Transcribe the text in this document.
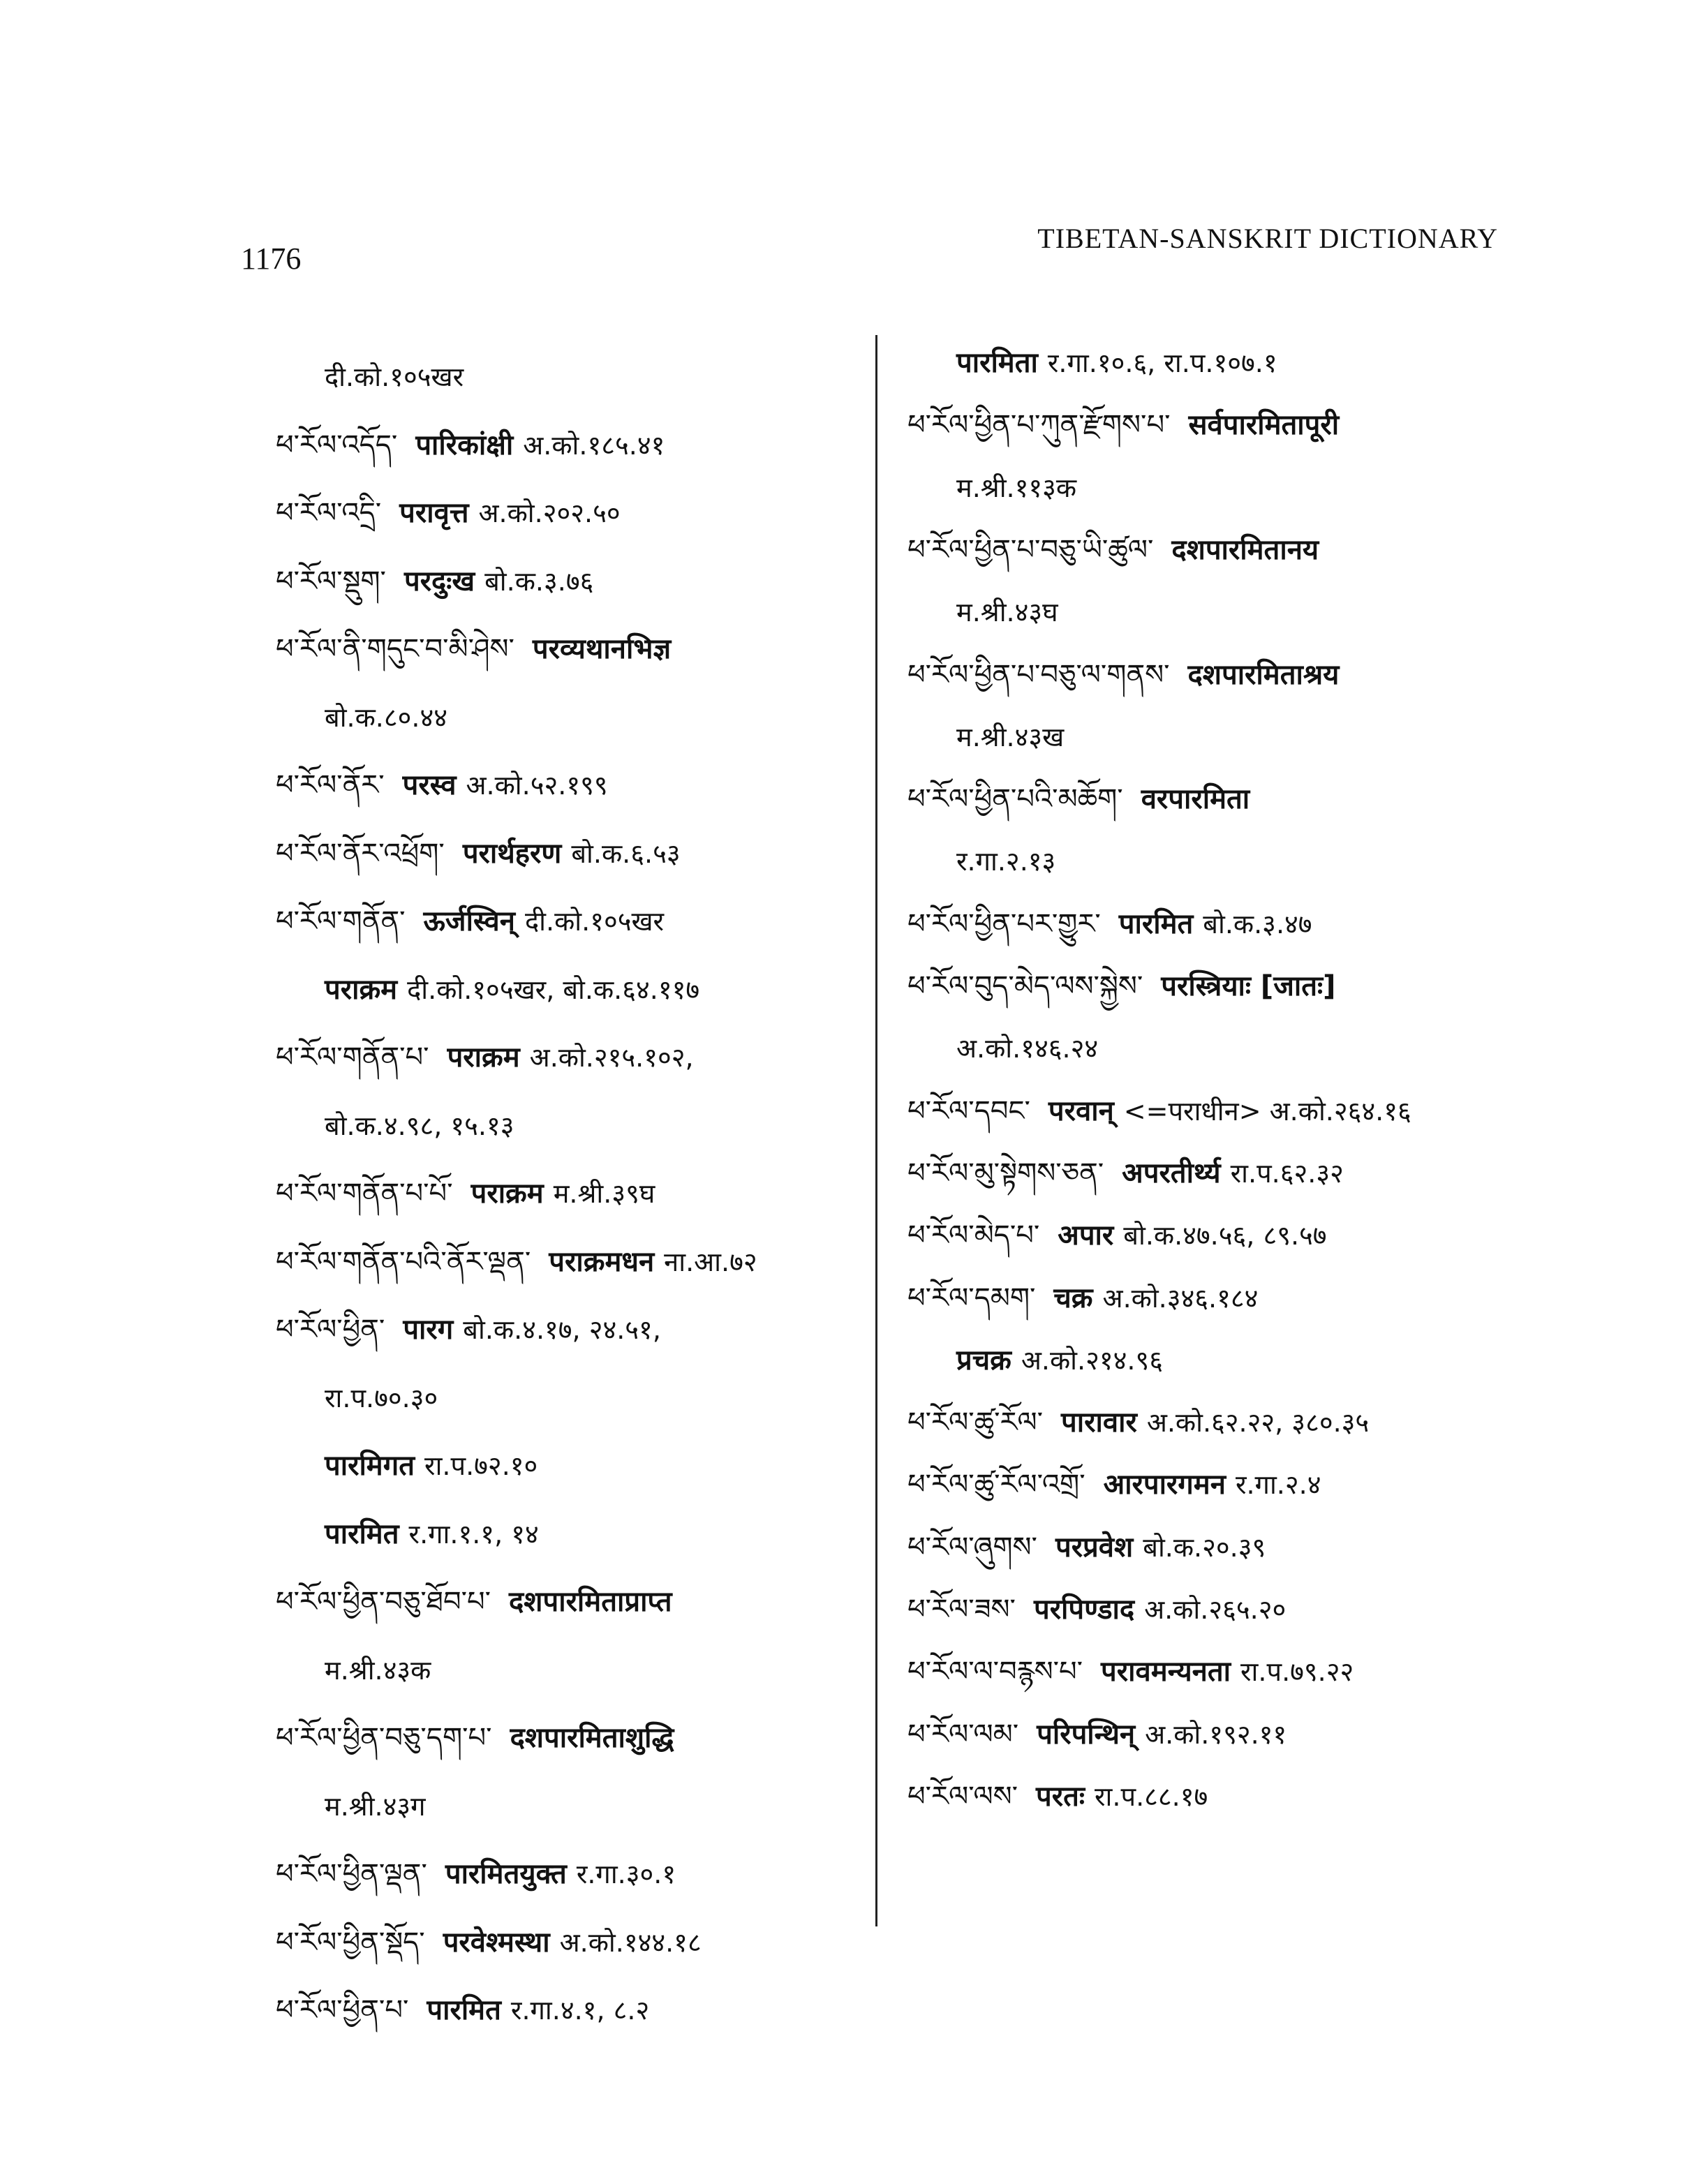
1176
TIBETAN-SANSKRIT DICTIONARY
दी.को.१०५खर
ཕ་རོལ་འདོད་ पारिकांक्षी अ.को.१८५.४१
ཕ་རོལ་འདྲི་ परावृत्त अ.को.२०२.५०
ཕ་རོལ་སྡུག་ परदुःख बो.क.३.७६
ཕ་རོལ་ནི་གདུང་བ་མི་ཤེས་ परव्यथानभिज्ञ
बो.क.८०.४४
ཕ་རོལ་ནོར་ परस्व अ.को.५२.१९९
ཕ་རོལ་ནོར་འཕྲོག་ परार्थहरण बो.क.६.५३
ཕ་རོལ་གནོན་ ऊर्जस्विन् दी.को.१०५खर
पराक्रम दी.को.१०५खर, बो.क.६४.११७
ཕ་རོལ་གནོན་པ་ पराक्रम अ.को.२१५.१०२,
बो.क.४.९८, १५.१३
ཕ་རོལ་གནོན་པ་པོ་ पराक्रम म.श्री.३९घ
ཕ་རོལ་གནོན་པའི་ནོར་ལྡན་ पराक्रमधन ना.आ.७२
ཕ་རོལ་ཕྱིན་ पारग बो.क.४.१७, २४.५१,
रा.प.७०.३०
पारमिगत रा.प.७२.१०
पारमित र.गा.१.१, १४
ཕ་རོལ་ཕྱིན་བཅུ་ཐོབ་པ་ दशपारमिताप्राप्त
म.श्री.४३क
ཕ་རོལ་ཕྱིན་བཅུ་དག་པ་ दशपारमिताशुद्धि
म.श्री.४३ग
ཕ་རོལ་ཕྱིན་ལྡན་ पारमितयुक्त र.गा.३०.१
ཕ་རོལ་ཕྱིན་སྡོད་ परवेश्मस्था अ.को.१४४.१८
ཕ་རོལ་ཕྱིན་པ་ पारमित र.गा.४.१, ८.२
पारमिता र.गा.१०.६, रा.प.१०७.१
ཕ་རོལ་ཕྱིན་པ་ཀུན་རྫོགས་པ་ सर्वपारमितापूरी
म.श्री.११३क
ཕ་རོལ་ཕྱིན་པ་བཅུ་ཡི་ཚུལ་ दशपारमितानय
म.श्री.४३घ
ཕ་རོལ་ཕྱིན་པ་བཅུ་ལ་གནས་ दशपारमिताश्रय
म.श्री.४३ख
ཕ་རོལ་ཕྱིན་པའི་མཆོག་ वरपारमिता
र.गा.२.१३
ཕ་རོལ་ཕྱིན་པར་གྱུར་ पारमित बो.क.३.४७
ཕ་རོལ་བུད་མེད་ལས་སྐྱེས་ परस्त्रियाः [जातः]
अ.को.१४६.२४
ཕ་རོལ་དབང་ परवान् <=पराधीन> अ.को.२६४.१६
ཕ་རོལ་མུ་སྟེགས་ཅན་ अपरतीर्थ्य रा.प.६२.३२
ཕ་རོལ་མེད་པ་ अपार बो.क.४७.५६, ८९.५७
ཕ་རོལ་དམག་ चक्र अ.को.३४६.१८४
प्रचक्र अ.को.२१४.९६
ཕ་རོལ་ཚུ་རོལ་ पारावार अ.को.६२.२२, ३८०.३५
ཕ་རོལ་ཚུ་རོལ་འགྲོ་ आरपारगमन र.गा.२.४
ཕ་རོལ་ཞུགས་ परप्रवेश बो.क.२०.३९
ཕ་རོལ་ཟས་ परपिण्डाद अ.को.२६५.२०
ཕ་རོལ་ལ་བརྙས་པ་ परावमन्यनता रा.प.७९.२२
ཕ་རོལ་ལམ་ परिपन्थिन् अ.को.१९२.११
ཕ་རོལ་ལས་ परतः रा.प.८८.१७
